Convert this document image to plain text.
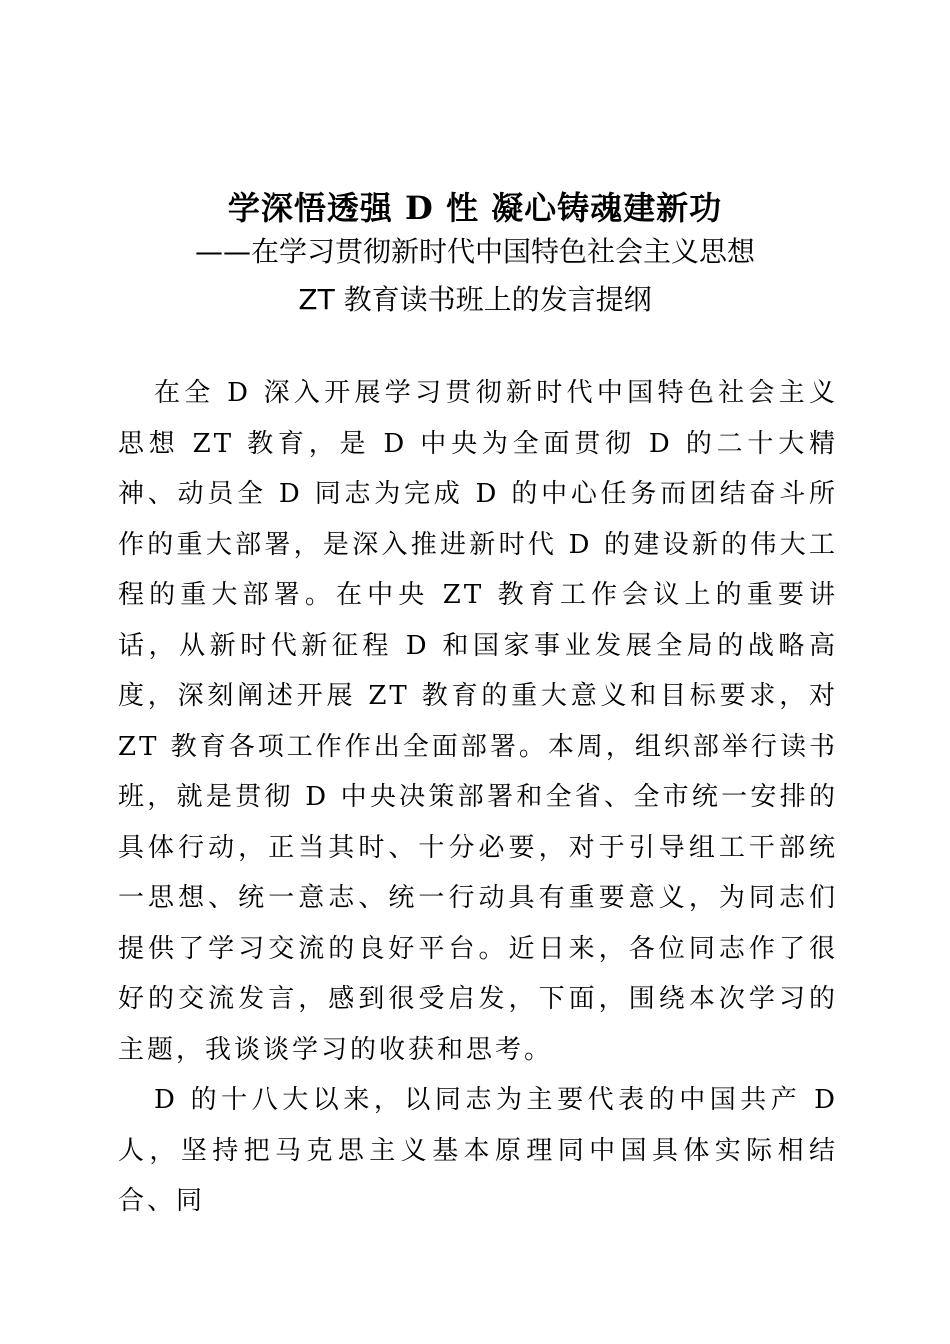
学深悟透强 D 性 凝心铸魂建新功
——在学习贯彻新时代中国特色社会主义思想
ZT 教育读书班上的发言提纲

在全 D 深入开展学习贯彻新时代中国特色社会主义思想 ZT 教育，是 D 中央为全面贯彻 D 的二十大精神、动员全 D 同志为完成 D 的中心任务而团结奋斗所作的重大部署，是深入推进新时代 D 的建设新的伟大工程的重大部署。在中央 ZT 教育工作会议上的重要讲话，从新时代新征程 D 和国家事业发展全局的战略高度，深刻阐述开展 ZT 教育的重大意义和目标要求，对 ZT 教育各项工作作出全面部署。本周，组织部举行读书班，就是贯彻 D 中央决策部署和全省、全市统一安排的具体行动，正当其时、十分必要，对于引导组工干部统一思想、统一意志、统一行动具有重要意义，为同志们提供了学习交流的良好平台。近日来，各位同志作了很好的交流发言，感到很受启发，下面，围绕本次学习的主题，我谈谈学习的收获和思考。

D 的十八大以来，以同志为主要代表的中国共产 D 人，坚持把马克思主义基本原理同中国具体实际相结合、同
